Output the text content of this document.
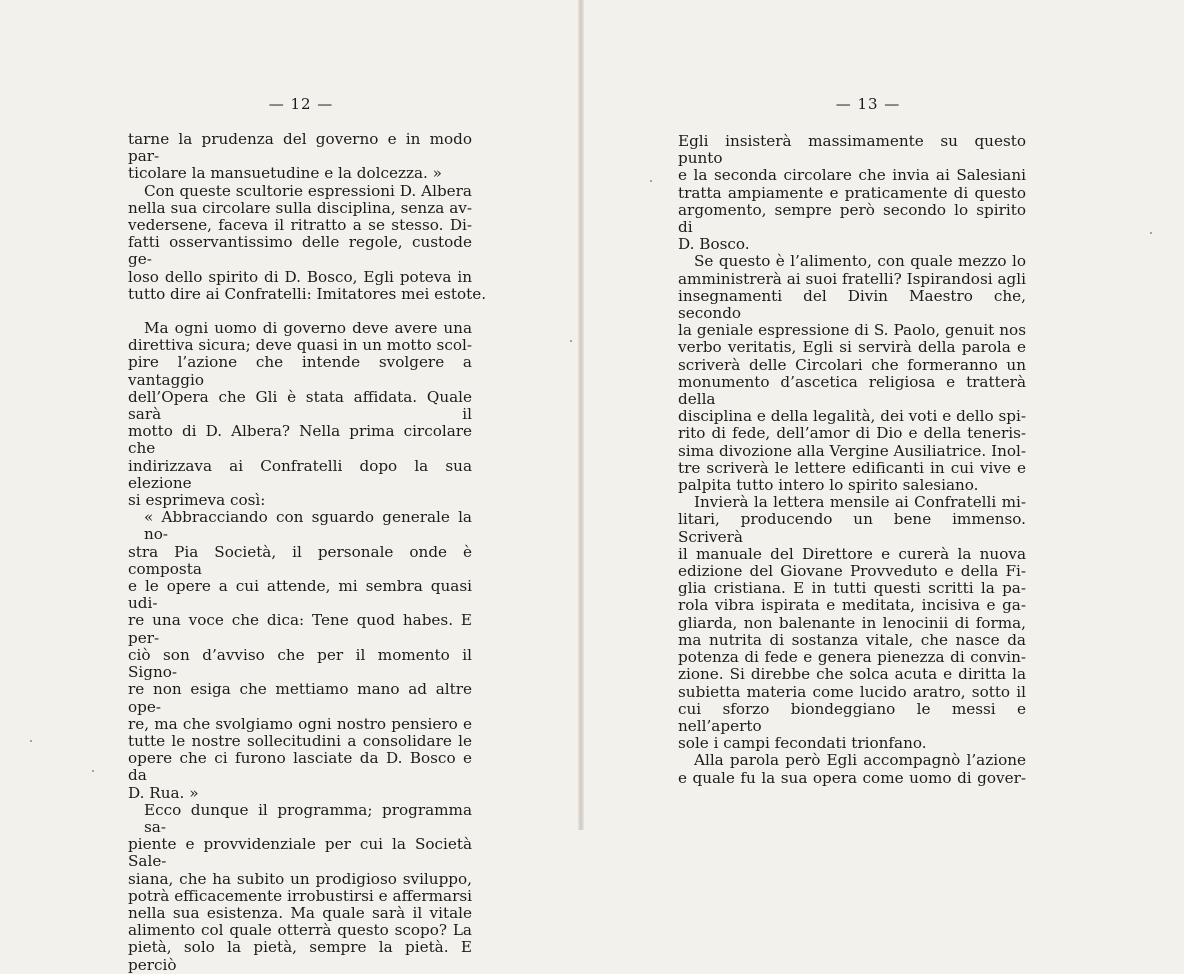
— 12 —
tarne la prudenza del governo e in modo par-
ticolare la mansuetudine e la dolcezza. »
Con queste scultorie espressioni D. Albera
nella sua circolare sulla disciplina, senza av-
vedersene, faceva il ritratto a se stesso. Di-
fatti osservantissimo delle regole, custode ge-
loso dello spirito di D. Bosco, Egli poteva in
tutto dire ai Confratelli: Imitatores mei estote.
Ma ogni uomo di governo deve avere una
direttiva sicura; deve quasi in un motto scol-
pire l’azione che intende svolgere a vantaggio
dell’Opera che Gli è stata affidata. Quale sarà il
motto di D. Albera? Nella prima circolare che
indirizzava ai Confratelli dopo la sua elezione
si esprimeva così:
« Abbracciando con sguardo generale la no-
stra Pia Società, il personale onde è composta
e le opere a cui attende, mi sembra quasi udi-
re una voce che dica: Tene quod habes. E per-
ciò son d’avviso che per il momento il Signo-
re non esiga che mettiamo mano ad altre ope-
re, ma che svolgiamo ogni nostro pensiero e
tutte le nostre sollecitudini a consolidare le
opere che ci furono lasciate da D. Bosco e da
D. Rua. »
Ecco dunque il programma; programma sa-
piente e provvidenziale per cui la Società Sale-
siana, che ha subito un prodigioso sviluppo,
potrà efficacemente irrobustirsi e affermarsi
nella sua esistenza. Ma quale sarà il vitale
alimento col quale otterrà questo scopo? La
pietà, solo la pietà, sempre la pietà. E perciò
— 13 —
Egli insisterà massimamente su questo punto
e la seconda circolare che invia ai Salesiani
tratta ampiamente e praticamente di questo
argomento, sempre però secondo lo spirito di
D. Bosco.
Se questo è l’alimento, con quale mezzo lo
amministrerà ai suoi fratelli? Ispirandosi agli
insegnamenti del Divin Maestro che, secondo
la geniale espressione di S. Paolo, genuit nos
verbo veritatis, Egli si servirà della parola e
scriverà delle Circolari che formeranno un
monumento d’ascetica religiosa e tratterà della
disciplina e della legalità, dei voti e dello spi-
rito di fede, dell’amor di Dio e della teneris-
sima divozione alla Vergine Ausiliatrice. Inol-
tre scriverà le lettere edificanti in cui vive e
palpita tutto intero lo spirito salesiano.
Invierà la lettera mensile ai Confratelli mi-
litari, producendo un bene immenso. Scriverà
il manuale del Direttore e curerà la nuova
edizione del Giovane Provveduto e della Fi-
glia cristiana. E in tutti questi scritti la pa-
rola vibra ispirata e meditata, incisiva e ga-
gliarda, non balenante in lenocinii di forma,
ma nutrita di sostanza vitale, che nasce da
potenza di fede e genera pienezza di convin-
zione. Si direbbe che solca acuta e diritta la
subietta materia come lucido aratro, sotto il
cui sforzo biondeggiano le messi e nell’aperto
sole i campi fecondati trionfano.
Alla parola però Egli accompagnò l’azione
e quale fu la sua opera come uomo di gover-
